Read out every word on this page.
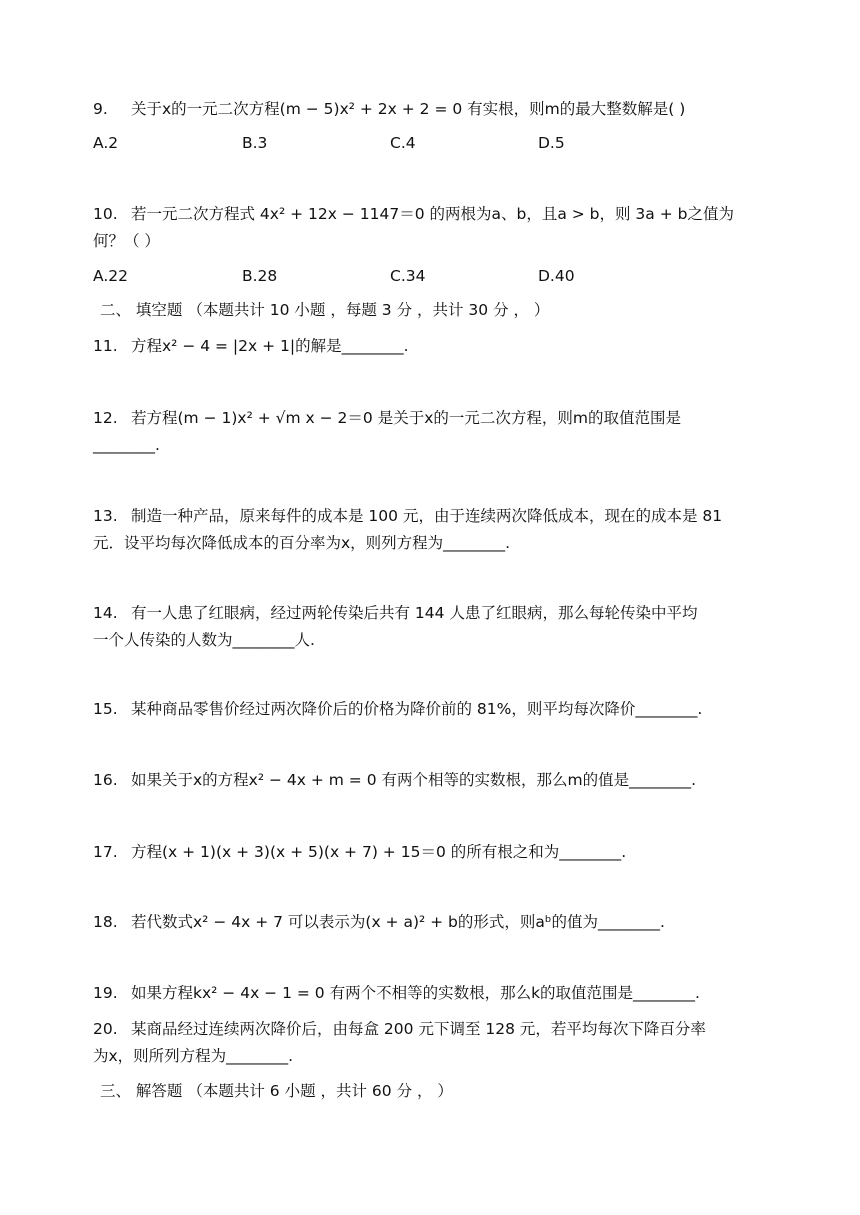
9. 关于x的一元二次方程(m − 5)x² + 2x + 2 = 0 有实根，则m的最大整数解是( )
A.2	B.3	C.4	D.5
10. 若一元二次方程式 4x² + 12x − 1147＝0 的两根为a、b，且a > b，则 3a + b之值为
何？（ ）
A.22	B.28	C.34	D.40
二、 填空题 （本题共计 10 小题 ，每题 3 分 ，共计 30 分 ， ）
11. 方程x² − 4 = |2x + 1|的解是________.
12. 若方程(m − 1)x² + √m x − 2＝0 是关于x的一元二次方程，则m的取值范围是
________.
13. 制造一种产品，原来每件的成本是 100 元，由于连续两次降低成本，现在的成本是 81
元．设平均每次降低成本的百分率为x，则列方程为________.
14. 有一人患了红眼病，经过两轮传染后共有 144 人患了红眼病，那么每轮传染中平均
一个人传染的人数为________人.
15. 某种商品零售价经过两次降价后的价格为降价前的 81%，则平均每次降价________.
16. 如果关于x的方程x² − 4x + m = 0 有两个相等的实数根，那么m的值是________.
17. 方程(x + 1)(x + 3)(x + 5)(x + 7) + 15＝0 的所有根之和为________.
18. 若代数式x² − 4x + 7 可以表示为(x + a)² + b的形式，则aᵇ的值为________.
19. 如果方程kx² − 4x − 1 = 0 有两个不相等的实数根，那么k的取值范围是________.
20. 某商品经过连续两次降价后，由每盒 200 元下调至 128 元，若平均每次下降百分率
为x，则所列方程为________.
三、 解答题 （本题共计 6 小题 ，共计 60 分 ， ）
